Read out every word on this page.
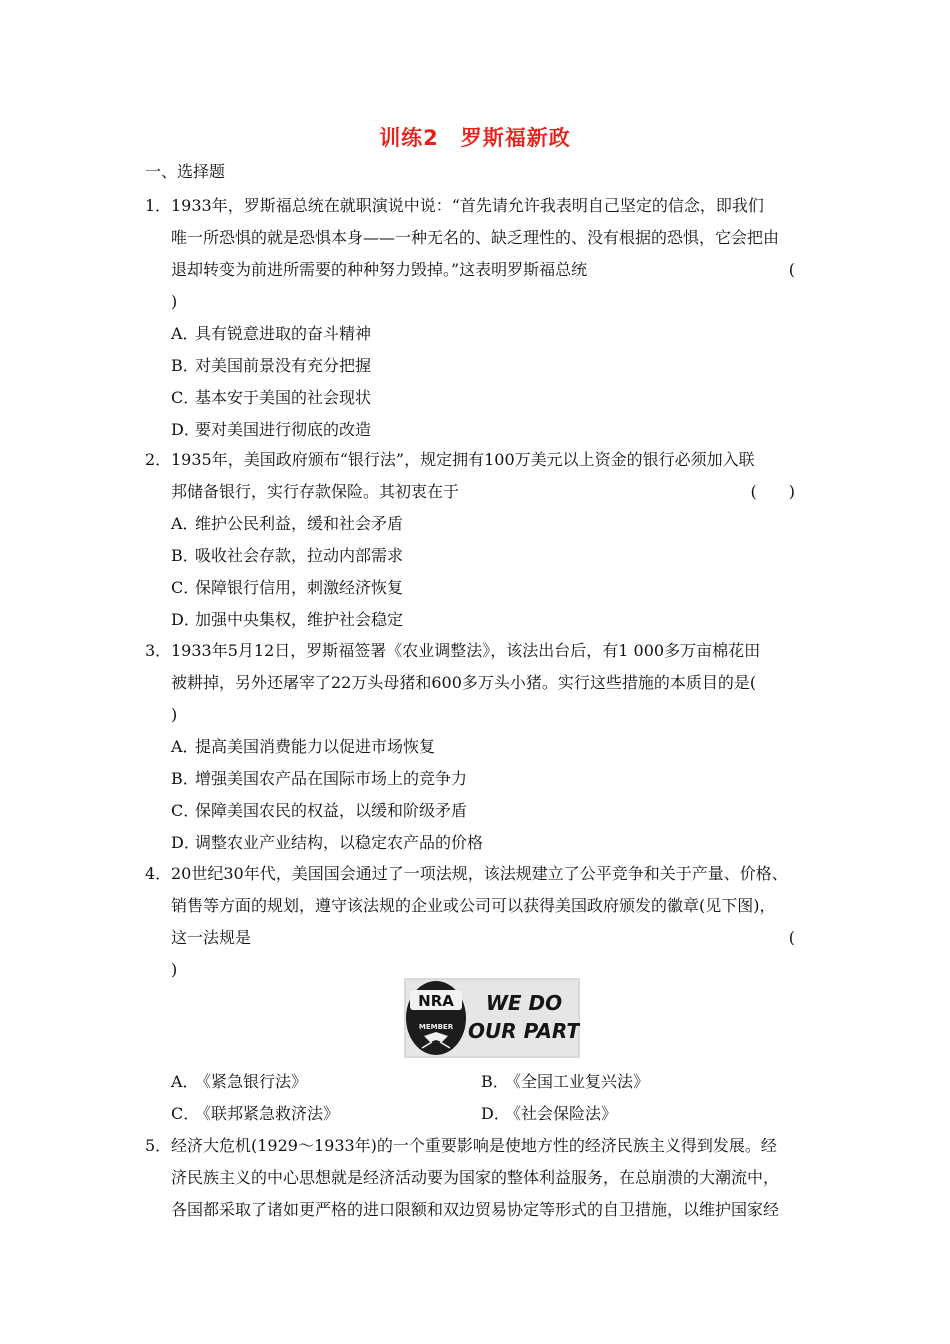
训练2　罗斯福新政
一、选择题
1．1933年，罗斯福总统在就职演说中说：“首先请允许我表明自己坚定的信念，即我们
唯一所恐惧的就是恐惧本身——一种无名的、缺乏理性的、没有根据的恐惧，它会把由
退却转变为前进所需要的种种努力毁掉。”这表明罗斯福总统	(
)
A．具有锐意进取的奋斗精神
B．对美国前景没有充分把握
C．基本安于美国的社会现状
D．要对美国进行彻底的改造
2．1935年，美国政府颁布“银行法”，规定拥有100万美元以上资金的银行必须加入联
邦储备银行，实行存款保险。其初衷在于	(　　)
A．维护公民利益，缓和社会矛盾
B．吸收社会存款，拉动内部需求
C．保障银行信用，刺激经济恢复
D．加强中央集权，维护社会稳定
3．1933年5月12日，罗斯福签署《农业调整法》，该法出台后，有1 000多万亩棉花田
被耕掉，另外还屠宰了22万头母猪和600多万头小猪。实行这些措施的本质目的是(
)
A．提高美国消费能力以促进市场恢复
B．增强美国农产品在国际市场上的竞争力
C．保障美国农民的权益，以缓和阶级矛盾
D．调整农业产业结构，以稳定农产品的价格
4．20世纪30年代，美国国会通过了一项法规，该法规建立了公平竞争和关于产量、价格、
销售等方面的规划，遵守该法规的企业或公司可以获得美国政府颁发的徽章(见下图)，
这一法规是	(
)
NRA
MEMBER
US
WE DO
OUR PART
A．《紧急银行法》	B．《全国工业复兴法》
C．《联邦紧急救济法》	D．《社会保险法》
5．经济大危机(1929～1933年)的一个重要影响是使地方性的经济民族主义得到发展。经
济民族主义的中心思想就是经济活动要为国家的整体利益服务，在总崩溃的大潮流中，
各国都采取了诸如更严格的进口限额和双边贸易协定等形式的自卫措施，以维护国家经
